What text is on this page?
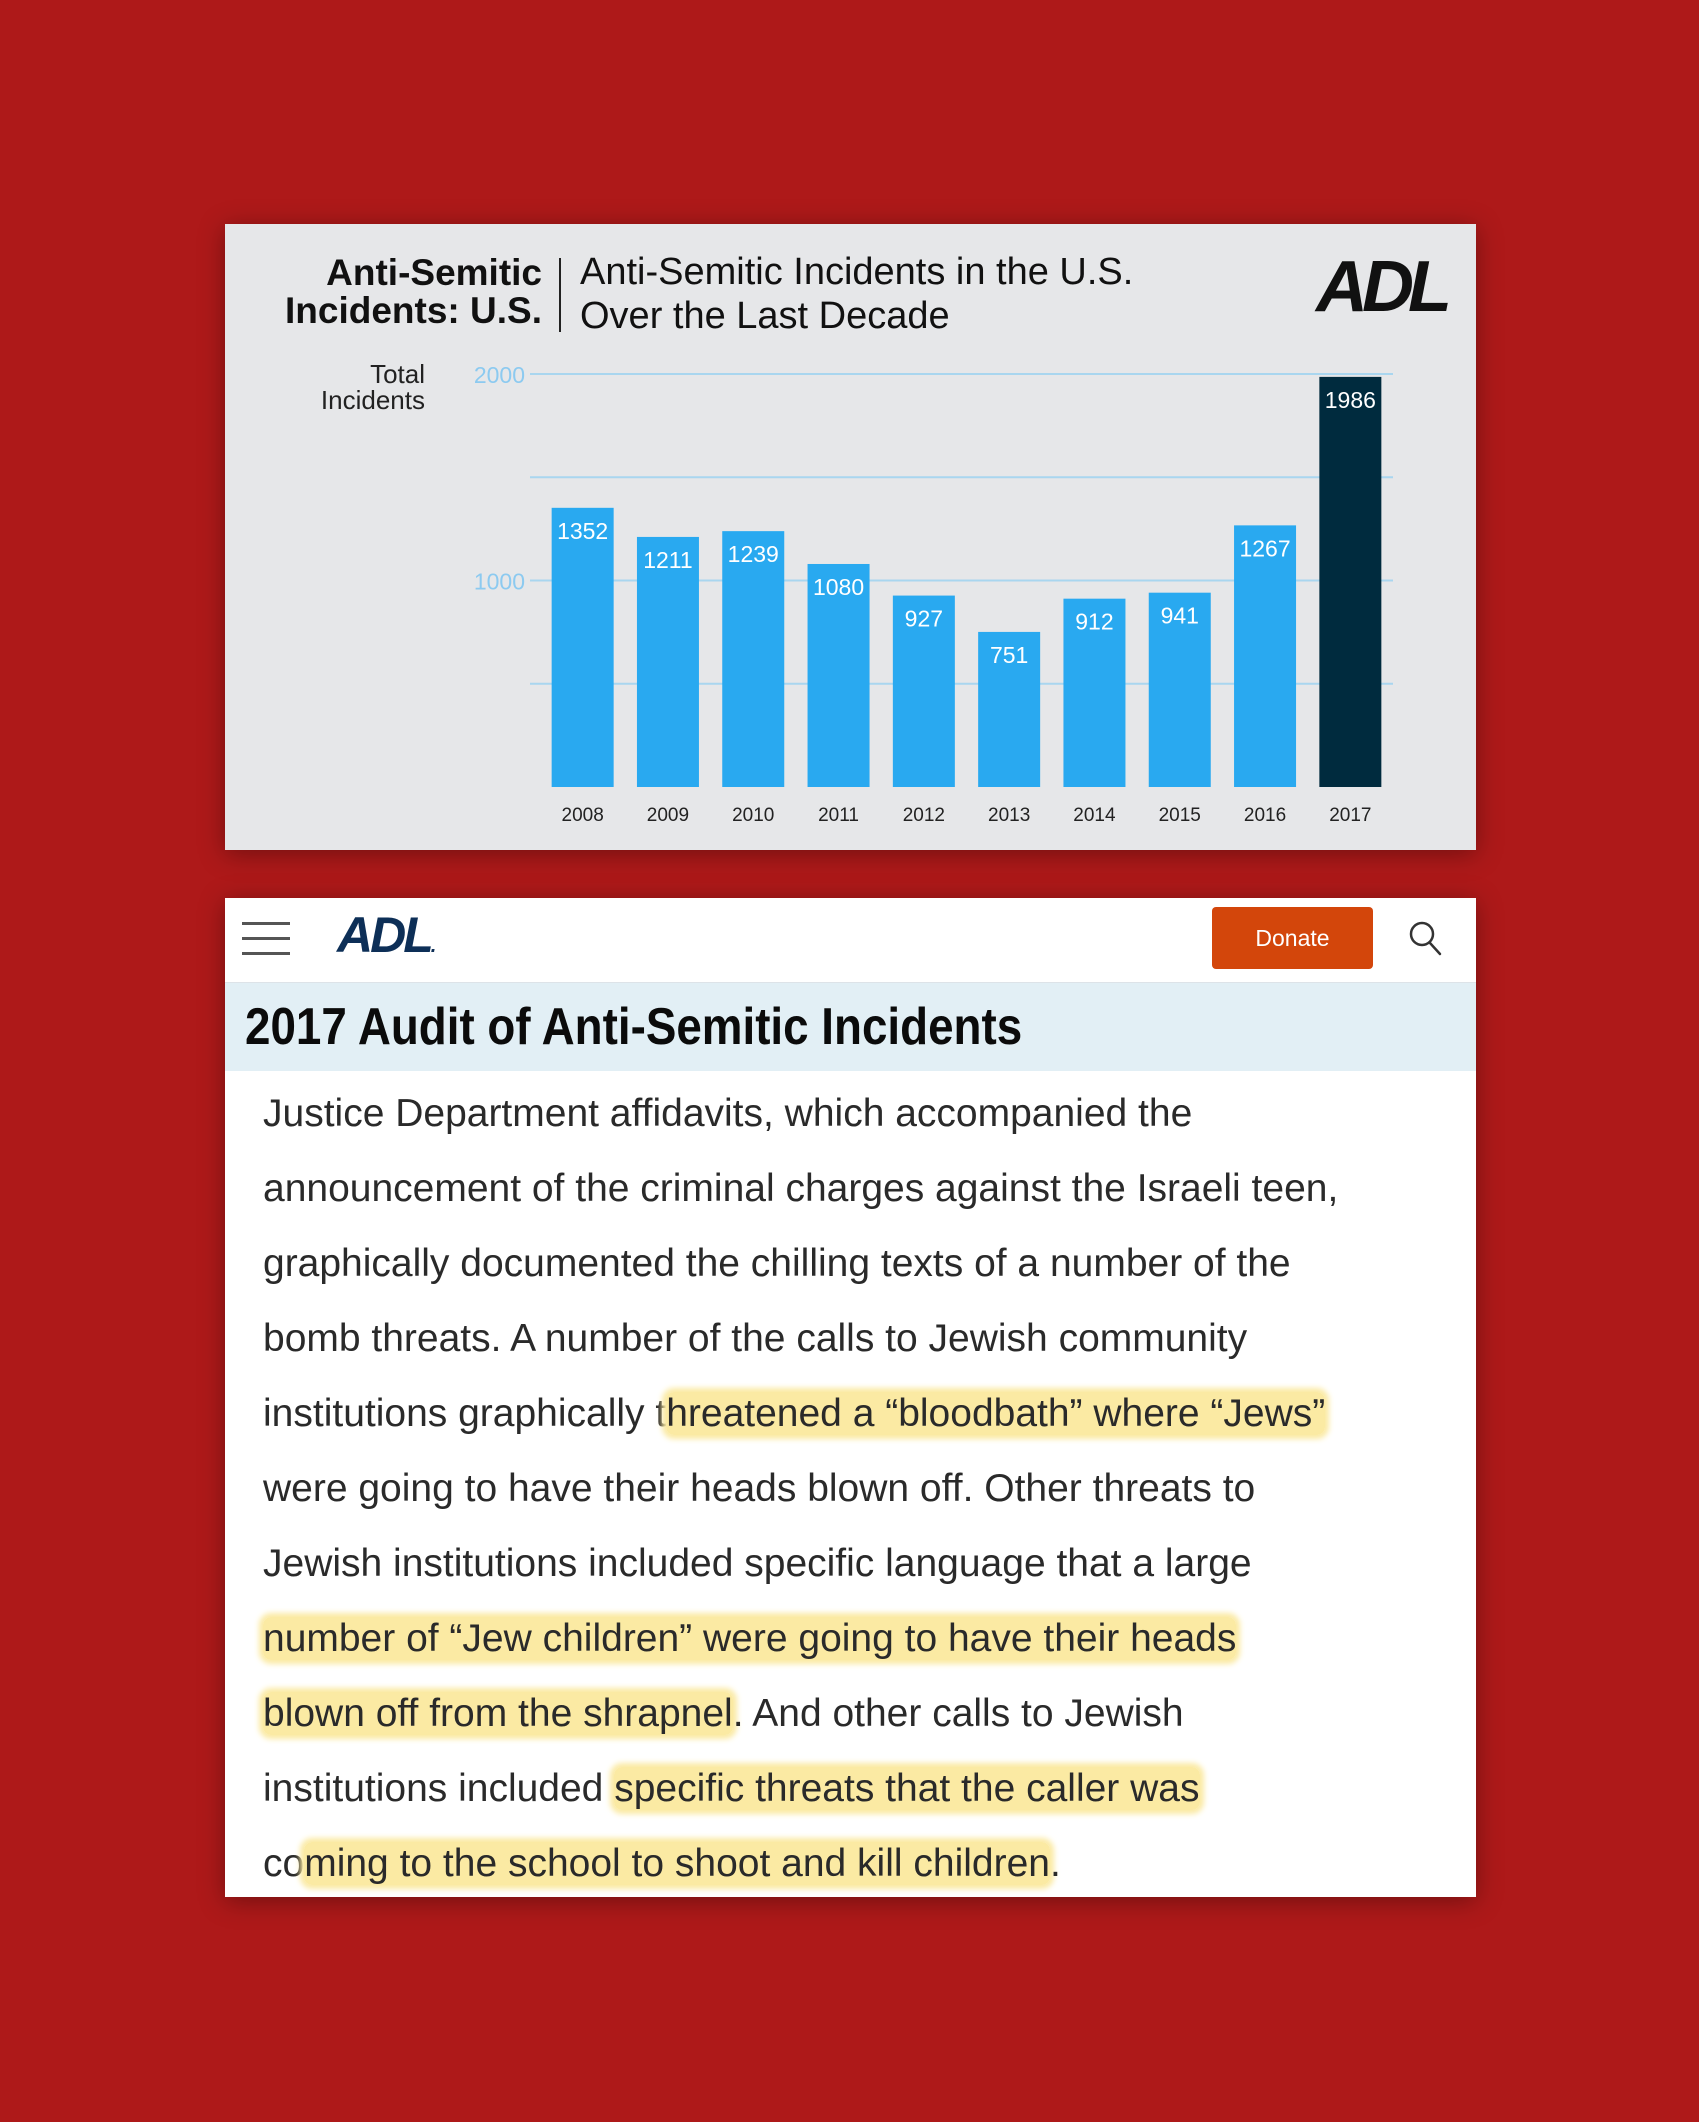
Anti-Semitic
Incidents: U.S.
Anti-Semitic Incidents in the U.S.
Over the Last Decade	ADL
Total
Incidents
1000
2000
1352
2008
1211
2009
1239
2010
1080
2011
927
2012
751
2013
912
2014
941
2015
1267
2016
1986
2017
ADL.	Donate
2017 Audit of Anti-Semitic Incidents
Justice Department affidavits, which accompanied the
announcement of the criminal charges against the Israeli teen,
graphically documented the chilling texts of a number of the
bomb threats. A number of the calls to Jewish community
institutions graphically threatened a “bloodbath” where “Jews”
were going to have their heads blown off. Other threats to
Jewish institutions included specific language that a large
number of “Jew children” were going to have their heads
blown off from the shrapnel. And other calls to Jewish
institutions included specific threats that the caller was
coming to the school to shoot and kill children.
